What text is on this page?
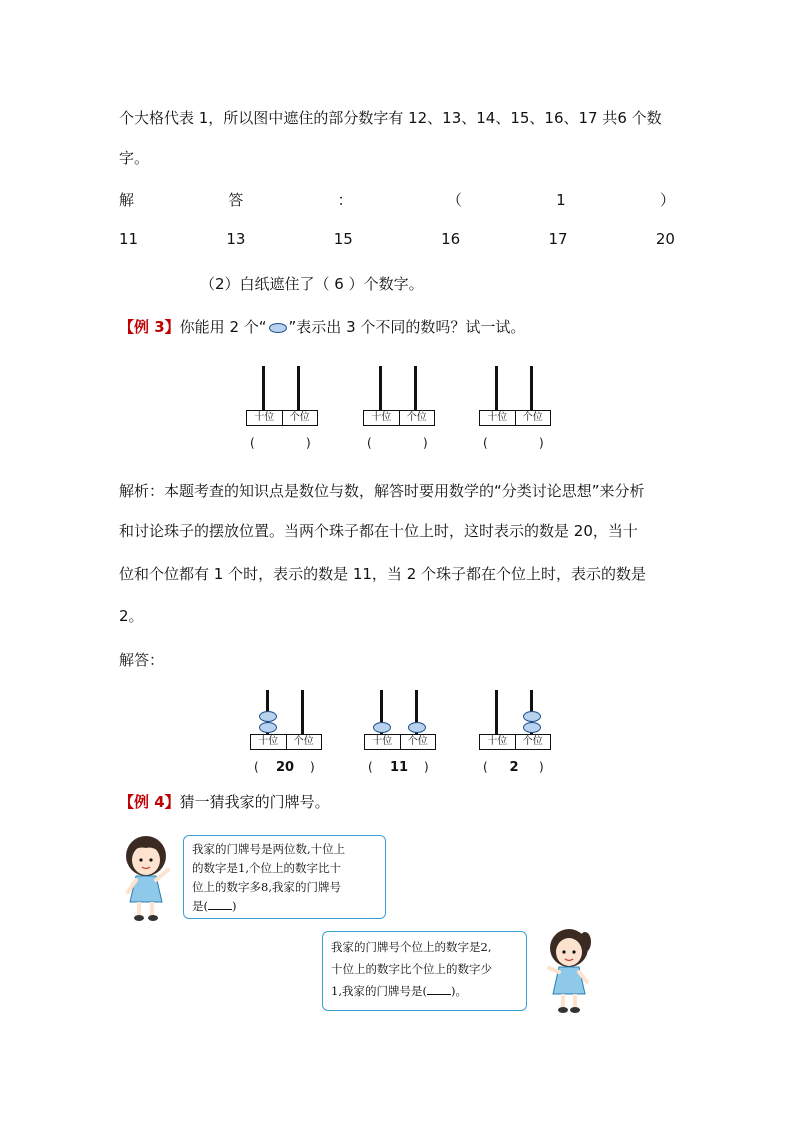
个大格代表 1，所以图中遮住的部分数字有 12、13、14、15、16、17 共6 个数
字。
解	答	：	（	1	）
11	13	15	16	17	20
（2）白纸遮住了（ 6 ）个数字。
【例 3】你能用 2 个“ ”表示出 3 个不同的数吗？试一试。
十位	个位
(	)
十位	个位
(	)
十位	个位
(	)
解析：本题考查的知识点是数位与数，解答时要用数学的“分类讨论思想”来分析
和讨论珠子的摆放位置。当两个珠子都在十位上时，这时表示的数是 20，当十
位和个位都有 1 个时，表示的数是 11，当 2 个珠子都在个位上时，表示的数是
2。
解答：
十位	个位
(	20	)
十位	个位
(	11	)
十位	个位
(	2	)
【例 4】猜一猜我家的门牌号。
我家的门牌号是两位数,十位上
的数字是1,个位上的数字比十
位上的数字多8,我家的门牌号
是( )
我家的门牌号个位上的数字是2,
十位上的数字比个位上的数字少
1,我家的门牌号是( )。
